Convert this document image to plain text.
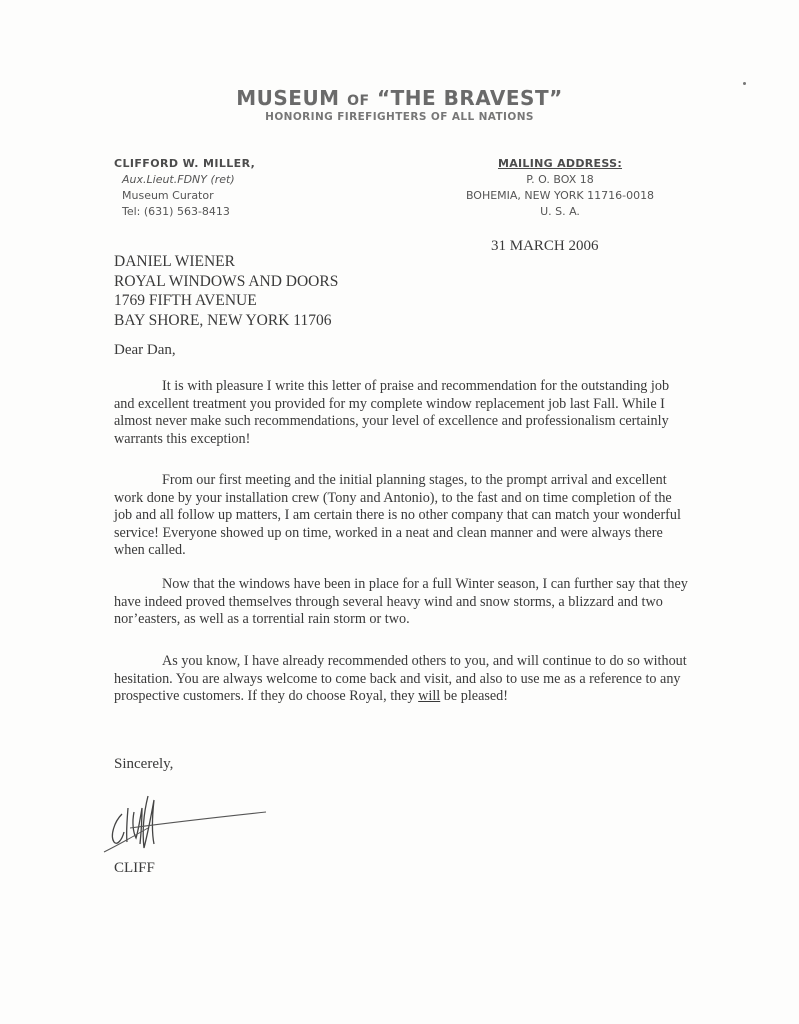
MUSEUM OF “THE BRAVEST”
HONORING FIREFIGHTERS OF ALL NATIONS
CLIFFORD W. MILLER,
Aux.Lieut.FDNY (ret)
Museum Curator
Tel: (631) 563-8413
MAILING ADDRESS:
P. O. BOX 18
BOHEMIA, NEW YORK 11716-0018
U. S. A.
31 MARCH 2006
DANIEL WIENER
ROYAL WINDOWS AND DOORS
1769 FIFTH AVENUE
BAY SHORE, NEW YORK 11706
Dear Dan,
It is with pleasure I write this letter of praise and recommendation for the outstanding job and excellent treatment you provided for my complete window replacement job last Fall. While I almost never make such recommendations, your level of excellence and professionalism certainly warrants this exception!
From our first meeting and the initial planning stages, to the prompt arrival and excellent work done by your installation crew (Tony and Antonio), to the fast and on time completion of the job and all follow up matters, I am certain there is no other company that can match your wonderful service! Everyone showed up on time, worked in a neat and clean manner and were always there when called.
Now that the windows have been in place for a full Winter season, I can further say that they have indeed proved themselves through several heavy wind and snow storms, a blizzard and two nor’easters, as well as a torrential rain storm or two.
As you know, I have already recommended others to you, and will continue to do so without hesitation. You are always welcome to come back and visit, and also to use me as a reference to any prospective customers. If they do choose Royal, they will be pleased!
Sincerely,
CLIFF
